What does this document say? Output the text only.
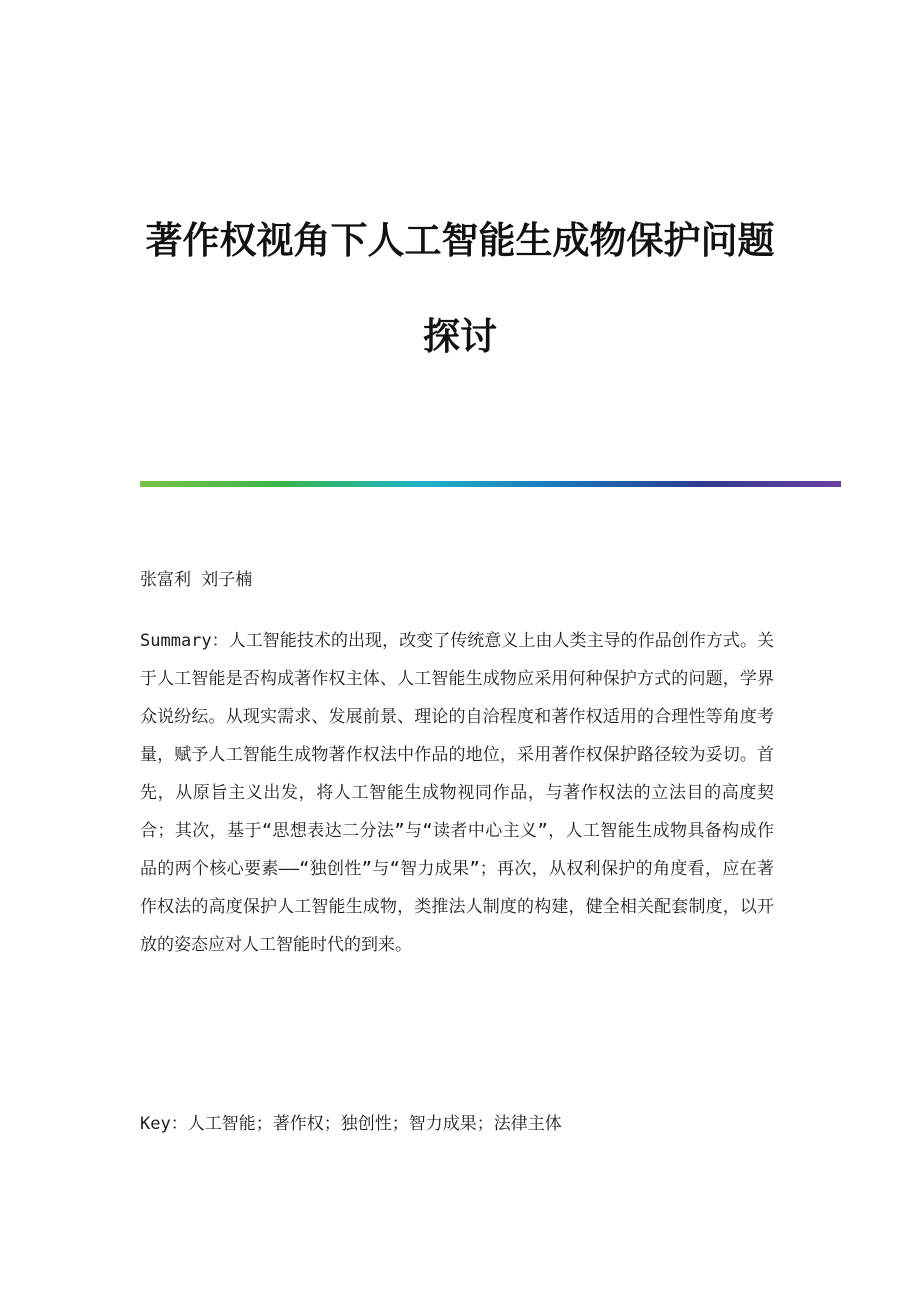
著作权视角下人工智能生成物保护问题
探讨

张富利 刘子楠

Summary：人工智能技术的出现，改变了传统意义上由人类主导的作品创作方式。关于人工智能是否构成著作权主体、人工智能生成物应采用何种保护方式的问题，学界众说纷纭。从现实需求、发展前景、理论的自洽程度和著作权适用的合理性等角度考量，赋予人工智能生成物著作权法中作品的地位，采用著作权保护路径较为妥切。首先，从原旨主义出发，将人工智能生成物视同作品，与著作权法的立法目的高度契合；其次，基于“思想表达二分法”与“读者中心主义”，人工智能生成物具备构成作品的两个核心要素——“独创性”与“智力成果”；再次，从权利保护的角度看，应在著作权法的高度保护人工智能生成物，类推法人制度的构建，健全相关配套制度，以开放的姿态应对人工智能时代的到来。

Key：人工智能；著作权；独创性；智力成果；法律主体
